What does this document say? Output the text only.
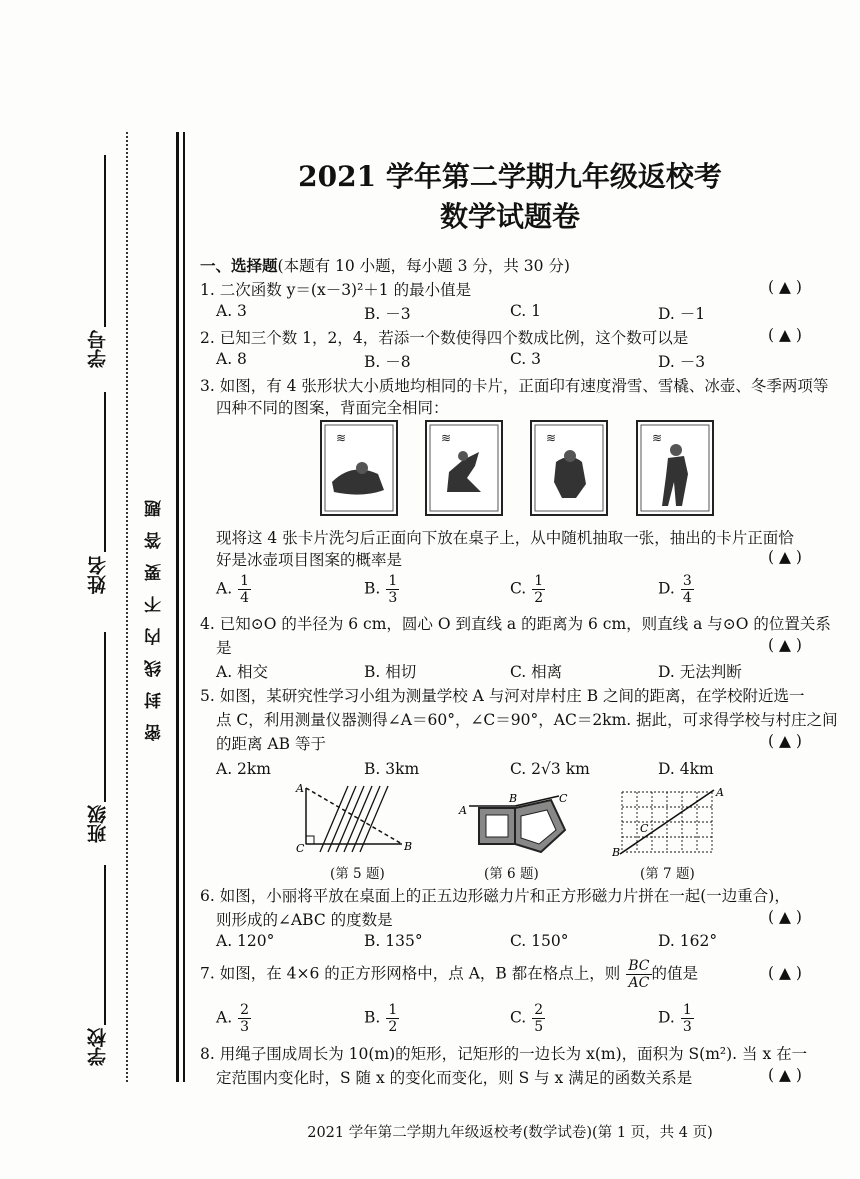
学校
班级
姓名
学号
密封线内不要答题
2021 学年第二学期九年级返校考
数学试题卷
一、选择题(本题有 10 小题，每小题 3 分，共 30 分)
1. 二次函数 y＝(x－3)²＋1 的最小值是	( ▲ )
A. 3	B. －3	C. 1	D. －1
2. 已知三个数 1，2，4，若添一个数使得四个数成比例，这个数可以是	( ▲ )
A. 8	B. －8	C. 3	D. －3
3. 如图，有 4 张形状大小质地均相同的卡片，正面印有速度滑雪、雪橇、冰壶、冬季两项等
四种不同的图案，背面完全相同：
≋	≋	≋	≋
现将这 4 张卡片洗匀后正面向下放在桌子上，从中随机抽取一张，抽出的卡片正面恰
好是冰壶项目图案的概率是	( ▲ )
A. $\frac{1}{4}$	B. $\frac{1}{3}$	C. $\frac{1}{2}$	D. $\frac{3}{4}$
4. 已知⊙O 的半径为 6 cm，圆心 O 到直线 a 的距离为 6 cm，则直线 a 与⊙O 的位置关系
是	( ▲ )
A. 相交	B. 相切	C. 相离	D. 无法判断
5. 如图，某研究性学习小组为测量学校 A 与河对岸村庄 B 之间的距离，在学校附近选一
点 C，利用测量仪器测得∠A＝60°，∠C＝90°，AC＝2km. 据此，可求得学校与村庄之间
的距离 AB 等于	( ▲ )
A. 2km	B. 3km	C. 2√3 km	D. 4km
A
B
C
(第 5 题)
A
B	C
(第 6 题)
A
B
C
(第 7 题)
6. 如图，小丽将平放在桌面上的正五边形磁力片和正方形磁力片拼在一起(一边重合)，
则形成的∠ABC 的度数是	( ▲ )
A. 120°	B. 135°	C. 150°	D. 162°
7. 如图，在 4×6 的正方形网格中，点 A，B 都在格点上，则 $\frac{BC}{AC}$ 的值是	( ▲ )
A. $\frac{2}{3}$	B. $\frac{1}{2}$	C. $\frac{2}{5}$	D. $\frac{1}{3}$
8. 用绳子围成周长为 10(m)的矩形，记矩形的一边长为 x(m)，面积为 S(m²). 当 x 在一
定范围内变化时，S 随 x 的变化而变化，则 S 与 x 满足的函数关系是	( ▲ )
2021 学年第二学期九年级返校考(数学试卷)(第 1 页，共 4 页)
